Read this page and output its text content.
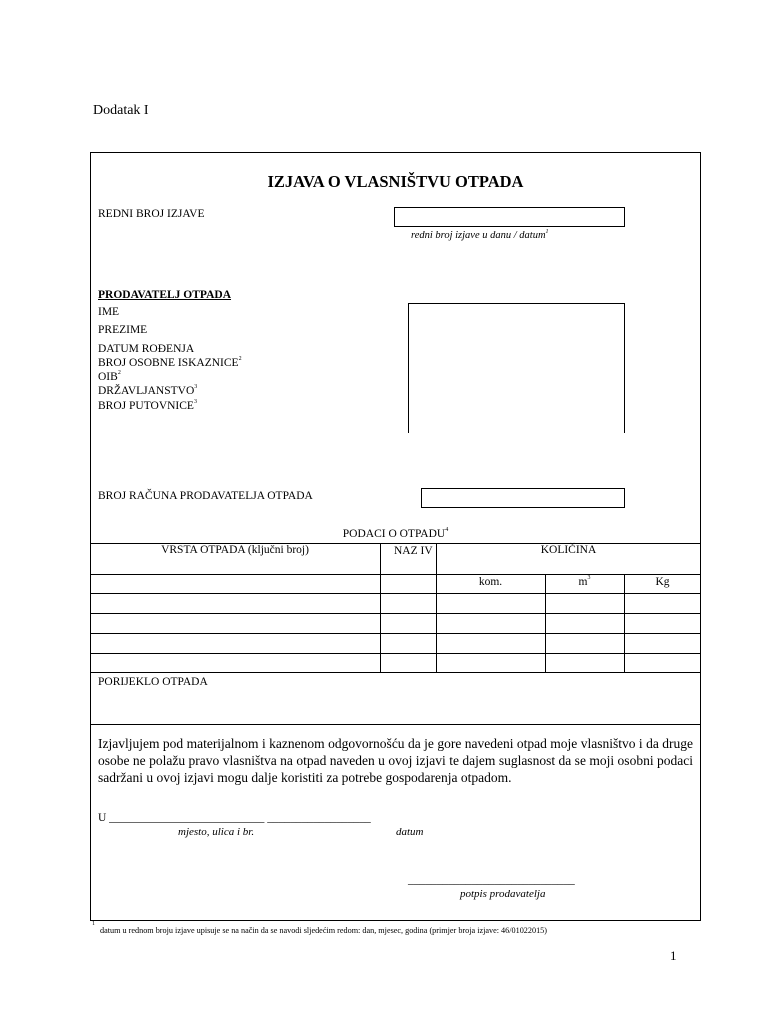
Dodatak I
IZJAVA O VLASNIŠTVU OTPADA
REDNI BROJ IZJAVE
redni broj izjave u danu / datum$^1$
PRODAVATELJ OTPADA
IME
PREZIME
DATUM ROĐENJA
BROJ OSOBNE ISKAZNICE$^2$
OIB$^2$
DRŽAVLJANSTVO$^3$
BROJ PUTOVNICE$^3$
BROJ RAČUNA PRODAVATELJA OTPADA
PODACI O OTPADU$^4$
VRSTA OTPADA (ključni broj)	NAZ IV	KOLIČINA
kom.	$m^3$	Kg
PORIJEKLO OTPADA
Izjavljujem pod materijalnom i kaznenom odgovornošću da je gore navedeni otpad moje vlasništvo i da druge osobe ne polažu pravo vlasništva na otpad naveden u ovoj izjavi te dajem suglasnost da se moji osobni podaci sadržani u ovoj izjavi mogu dalje koristiti za potrebe gospodarenja otpadom.
U ___________________________ __________________
mjesto, ulica i br.	datum
_____________________________
potpis prodavatelja
1
datum u rednom broju izjave upisuje se na način da se navodi sljedećim redom: dan, mjesec, godina (primjer broja izjave: 46/01022015)
1
